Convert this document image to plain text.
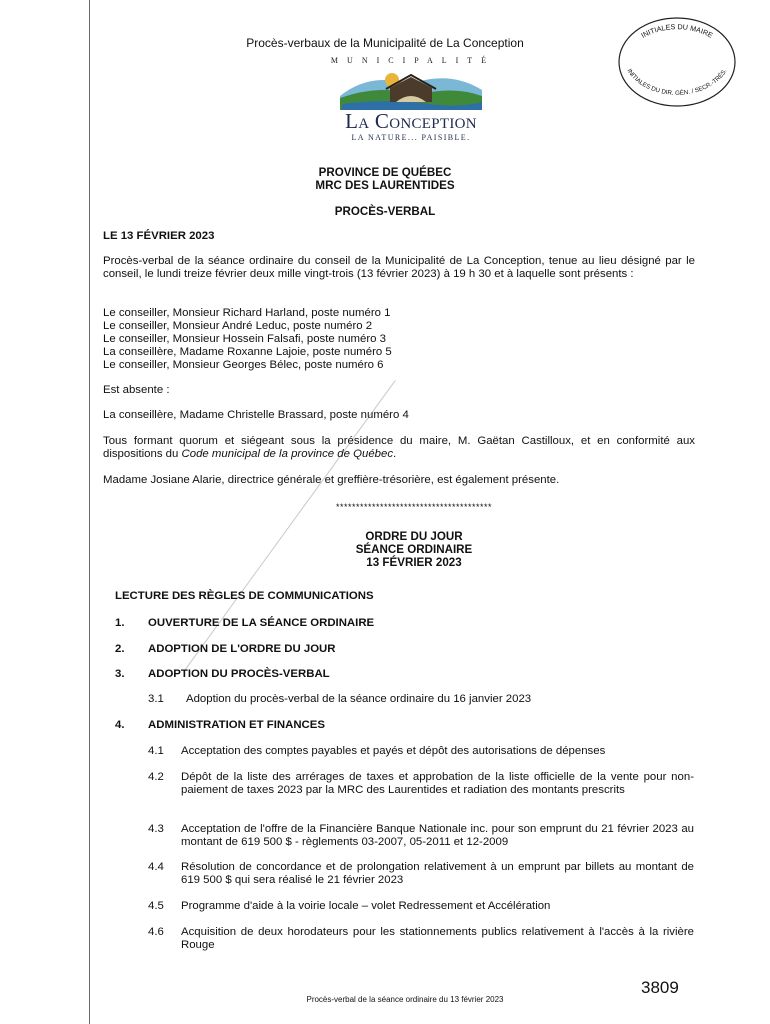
Procès-verbaux de la Municipalité de La Conception
INITIALES DU MAIRE
INITIALES DU DIR. GÉN. / SECR.-TRÉS.
MUNICIPALITÉ
La Conception
LA NATURE... PAISIBLE.
PROVINCE DE QUÉBEC
MRC DES LAURENTIDES
PROCÈS-VERBAL
LE 13 FÉVRIER 2023
Procès-verbal de la séance ordinaire du conseil de la Municipalité de La Conception, tenue au lieu désigné par le conseil, le lundi treize février deux mille vingt-trois (13 février 2023) à 19 h 30 et à laquelle sont présents :
Le conseiller, Monsieur Richard Harland, poste numéro 1
Le conseiller, Monsieur André Leduc, poste numéro 2
Le conseiller, Monsieur Hossein Falsafi, poste numéro 3
La conseillère, Madame Roxanne Lajoie, poste numéro 5
Le conseiller, Monsieur Georges Bélec, poste numéro 6
Est absente :
La conseillère, Madame Christelle Brassard, poste numéro 4
Tous formant quorum et siégeant sous la présidence du maire, M. Gaëtan Castilloux, et en conformité aux dispositions du Code municipal de la province de Québec.
Madame Josiane Alarie, directrice générale et greffière-trésorière, est également présente.
***************************************
ORDRE DU JOUR
SÉANCE ORDINAIRE
13 FÉVRIER 2023
LECTURE DES RÈGLES DE COMMUNICATIONS
1. OUVERTURE DE LA SÉANCE ORDINAIRE
2. ADOPTION DE L'ORDRE DU JOUR
3. ADOPTION DU PROCÈS-VERBAL
3.1 Adoption du procès-verbal de la séance ordinaire du 16 janvier 2023
4. ADMINISTRATION ET FINANCES
4.1 Acceptation des comptes payables et payés et dépôt des autorisations de dépenses
4.2 Dépôt de la liste des arrérages de taxes et approbation de la liste officielle de la vente pour non-paiement de taxes 2023 par la MRC des Laurentides et radiation des montants prescrits
4.3 Acceptation de l'offre de la Financière Banque Nationale inc. pour son emprunt du 21 février 2023 au montant de 619 500 $ - règlements 03-2007, 05-2011 et 12-2009
4.4 Résolution de concordance et de prolongation relativement à un emprunt par billets au montant de 619 500 $ qui sera réalisé le 21 février 2023
4.5 Programme d'aide à la voirie locale – volet Redressement et Accélération
4.6 Acquisition de deux horodateurs pour les stationnements publics relativement à l'accès à la rivière Rouge
3809
Procès-verbal de la séance ordinaire du 13 février 2023
